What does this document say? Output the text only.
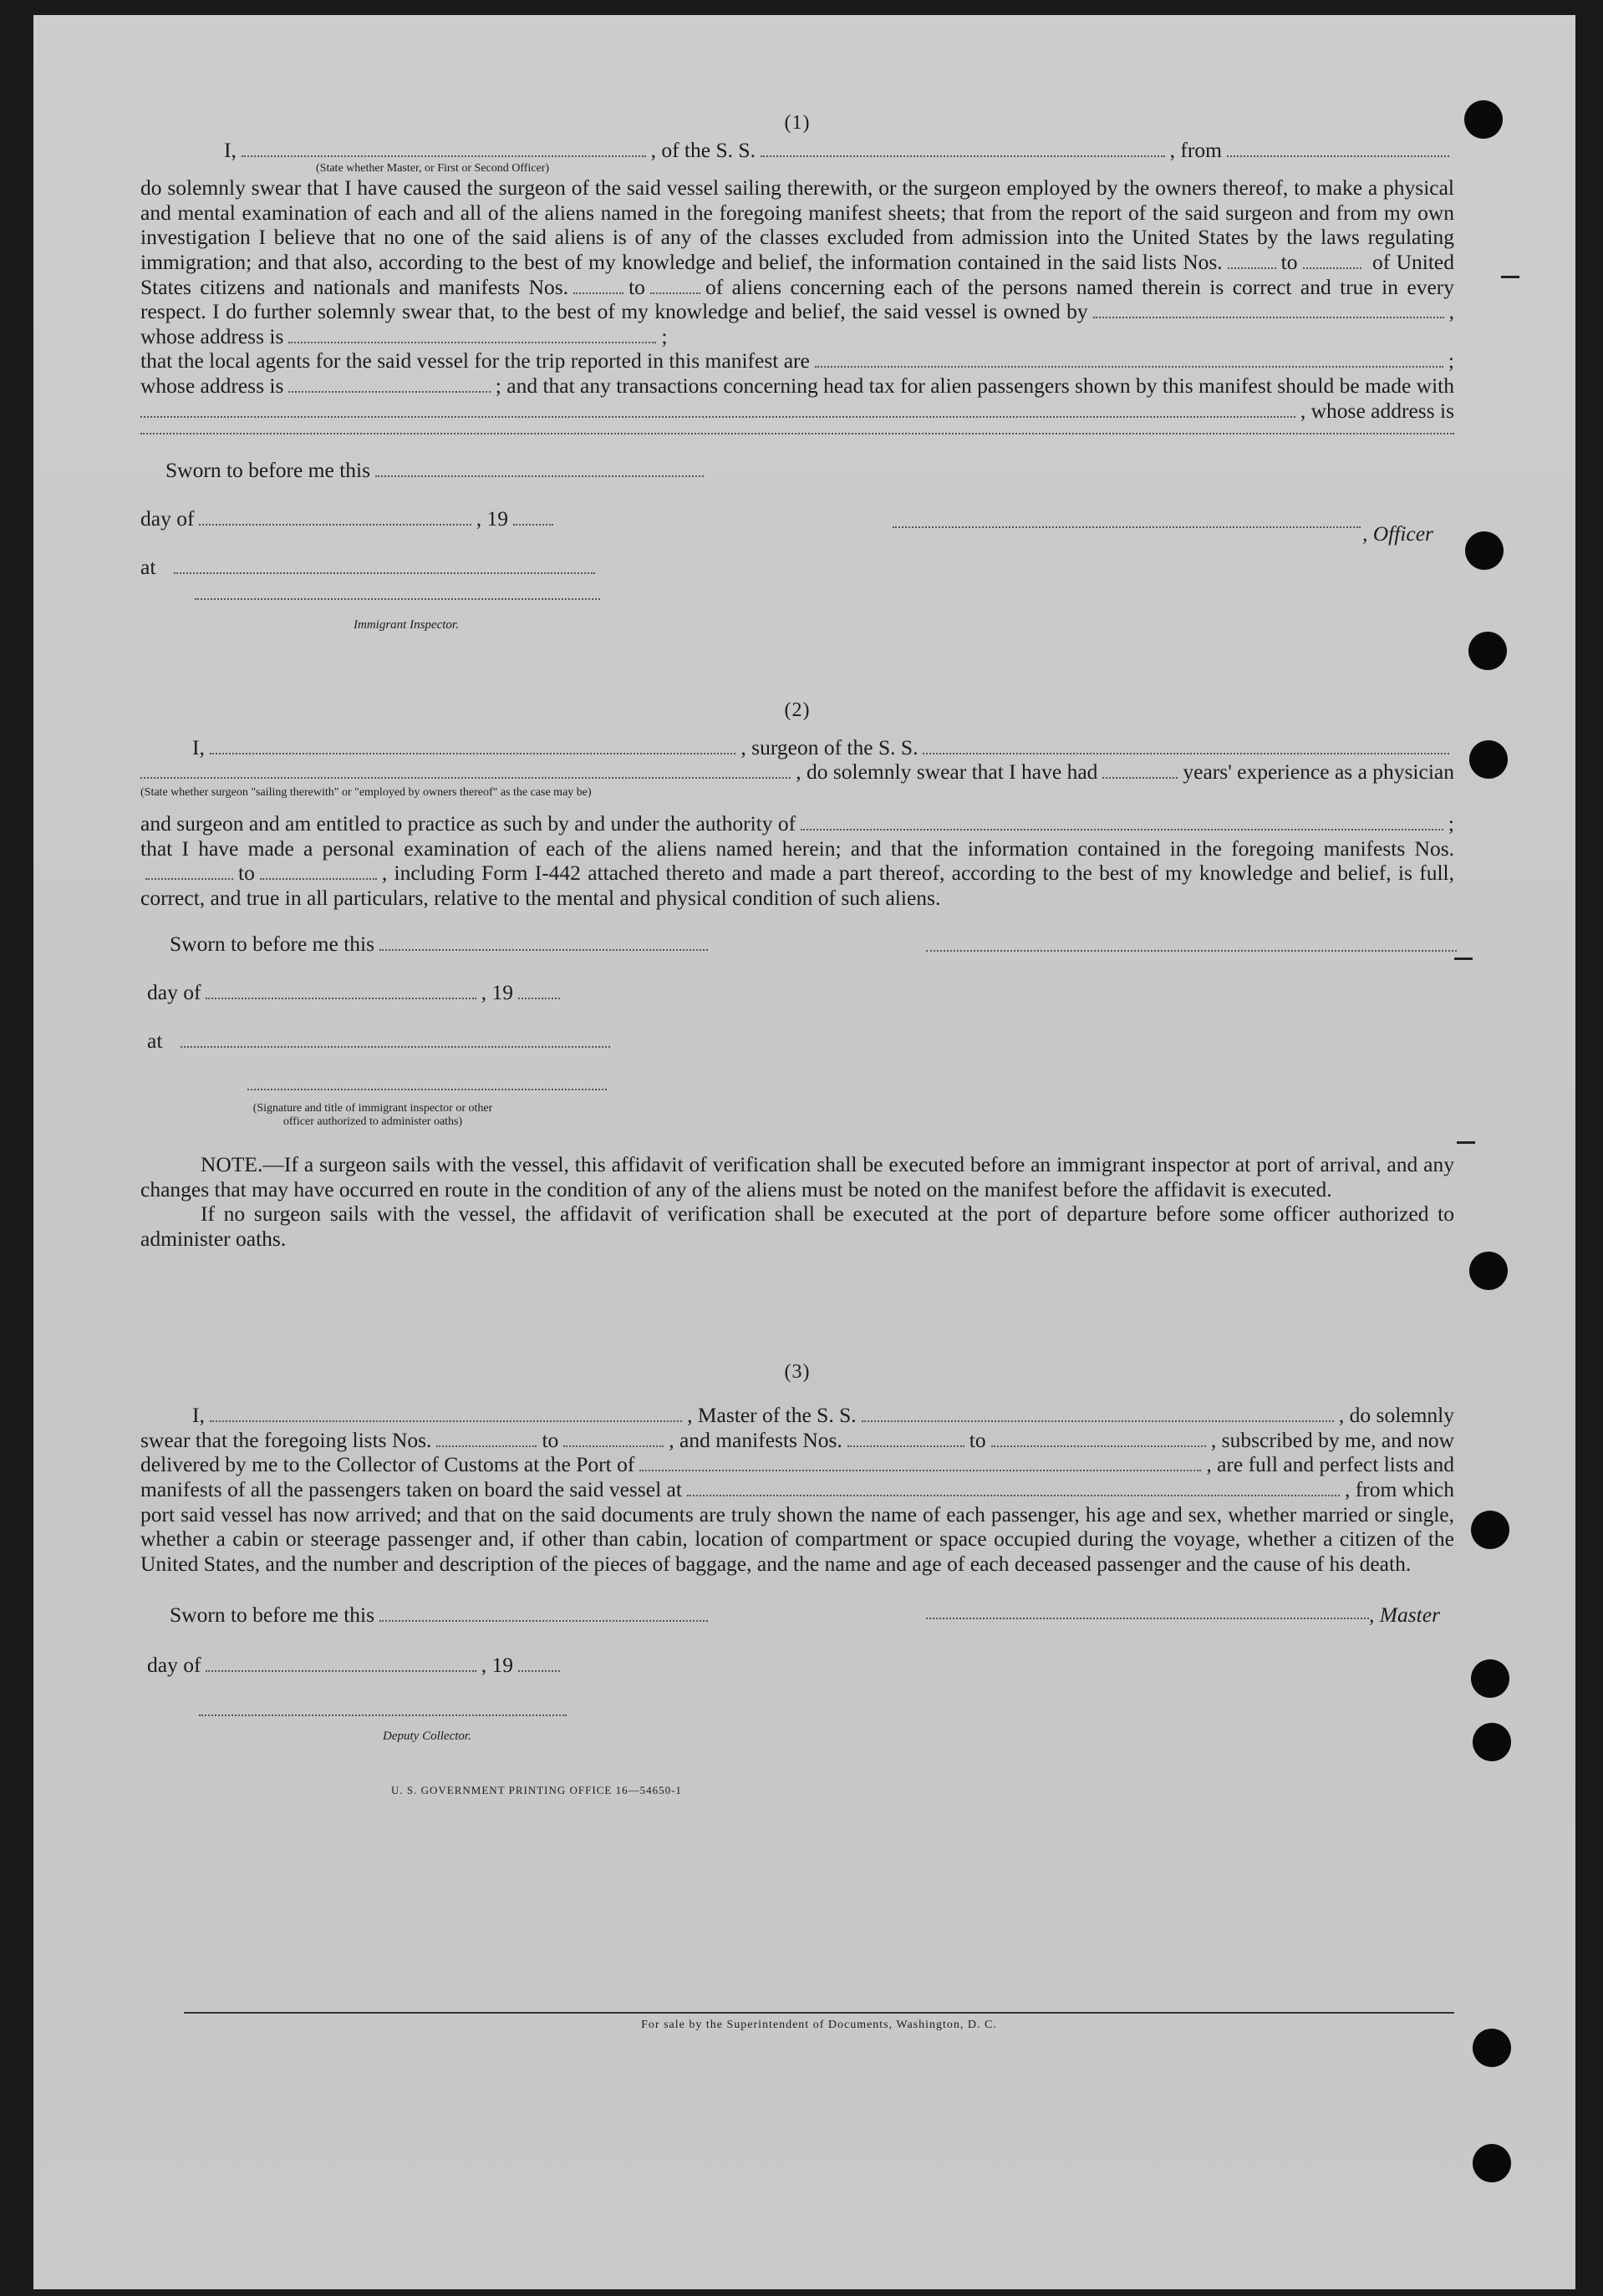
(1)
I,	, of the S. S.	, from
(State whether Master, or First or Second Officer)

do solemnly swear that I have caused the surgeon of the said vessel sailing therewith, or the surgeon employed by the owners thereof, to make a physical and mental examination of each and all of the aliens named in the foregoing manifest sheets; that from the report of the said surgeon and from my own investigation I believe that no one of the said aliens is of any of the classes excluded from admission into the United States by the laws regulating immigration; and that also, according to the best of my knowledge and belief, the information contained in the said lists Nos.	to	of United States citizens and nationals and manifests Nos.	to	of aliens concerning each of the persons named therein is correct and true in every respect. I do further solemnly swear that, to the best of my knowledge and belief, the said vessel is owned by	, whose address is	;

that the local agents for the said vessel for the trip reported in this manifest are	;
whose address is	; and that any transactions concerning head tax for alien passengers shown by this manifest should be made with
, whose address is
Sworn to before me this
day of	, 19
at
, Officer
Immigrant Inspector.
(2)
I,	, surgeon of the S. S.
, do solemnly swear that I have had	years' experience as a physician
(State whether surgeon "sailing therewith" or "employed by owners thereof" as the case may be)
and surgeon and am entitled to practice as such by and under the authority of	;

that I have made a personal examination of each of the aliens named herein; and that the information contained in the foregoing manifests Nos.to	, including Form I-442 attached thereto and made a part thereof, according to the best of my knowledge and belief, is full, correct, and true in all particulars, relative to the mental and physical condition of such aliens.

Sworn to before me this
day of	, 19
at
(Signature and title of immigrant inspector or other officer authorized to administer oaths)

NOTE.—If a surgeon sails with the vessel, this affidavit of verification shall be executed before an immigrant inspector at port of arrival, and any changes that may have occurred en route in the condition of any of the aliens must be noted on the manifest before the affidavit is executed.

If no surgeon sails with the vessel, the affidavit of verification shall be executed at the port of departure before some officer authorized to administer oaths.

(3)
I,	, Master of the S. S.	, do solemnly
swear that the foregoing lists Nos.	to	, and manifests Nos.	to	, subscribed by me, and now
delivered by me to the Collector of Customs at the Port of	, are full and perfect lists and
manifests of all the passengers taken on board the said vessel at	, from which

port said vessel has now arrived; and that on the said documents are truly shown the name of each passenger, his age and sex, whether married or single, whether a cabin or steerage passenger and, if other than cabin, location of compartment or space occupied during the voyage, whether a citizen of the United States, and the number and description of the pieces of baggage, and the name and age of each deceased passenger and the cause of his death.

Sworn to before me this	, Master
day of	, 19
Deputy Collector.
U. S. GOVERNMENT PRINTING OFFICE 16—54650-1
For sale by the Superintendent of Documents, Washington, D. C.
